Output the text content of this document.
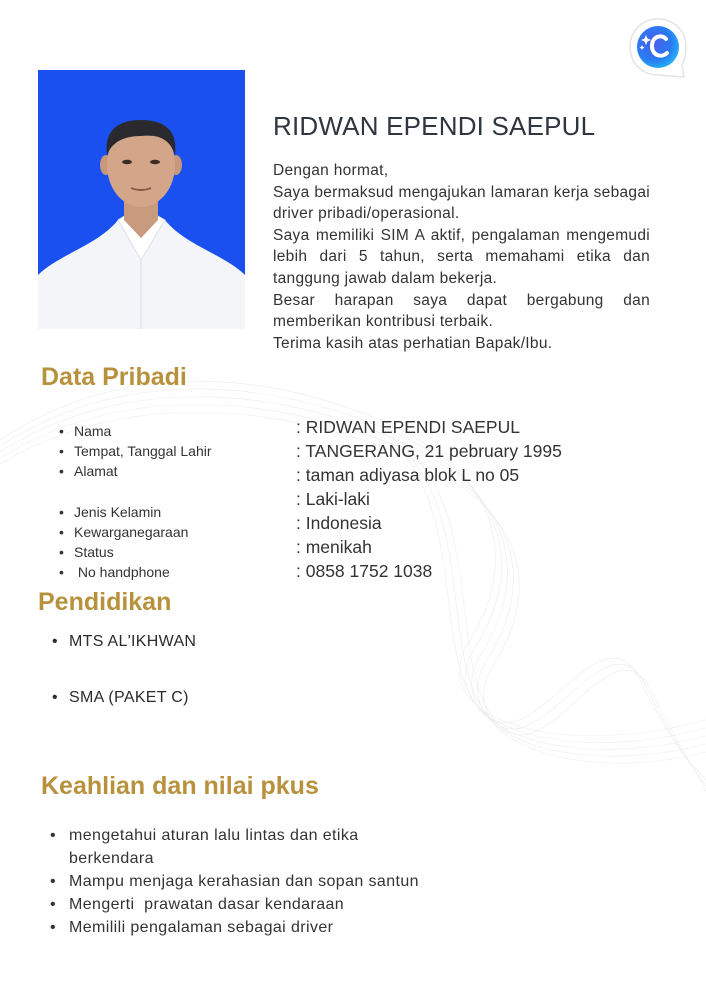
RIDWAN EPENDI SAEPUL

Dengan hormat,

Saya bermaksud mengajukan lamaran kerja sebagai driver pribadi/operasional.

Saya memiliki SIM A aktif, pengalaman mengemudi lebih dari 5 tahun, serta memahami etika dan tanggung jawab dalam bekerja.

Besar harapan saya dapat bergabung dan memberikan kontribusi terbaik.

Terima kasih atas perhatian Bapak/Ibu.

Data Pribadi
• Nama
• Tempat, Tanggal Lahir
• Alamat
• Jenis Kelamin
• Kewarganegaraan
• Status
• No handphone
: RIDWAN EPENDI SAEPUL
: TANGERANG, 21 pebruary 1995
: taman adiyasa blok L no 05
: Laki-laki
: Indonesia
: menikah
: 0858 1752 1038
Pendidikan
• MTS AL'IKHWAN
• SMA (PAKET C)
Keahlian dan nilai pkus
• mengetahui aturan lalu lintas dan etika berkendara
• Mampu menjaga kerahasian dan sopan santun
• Mengerti  prawatan dasar kendaraan
• Memilili pengalaman sebagai driver
